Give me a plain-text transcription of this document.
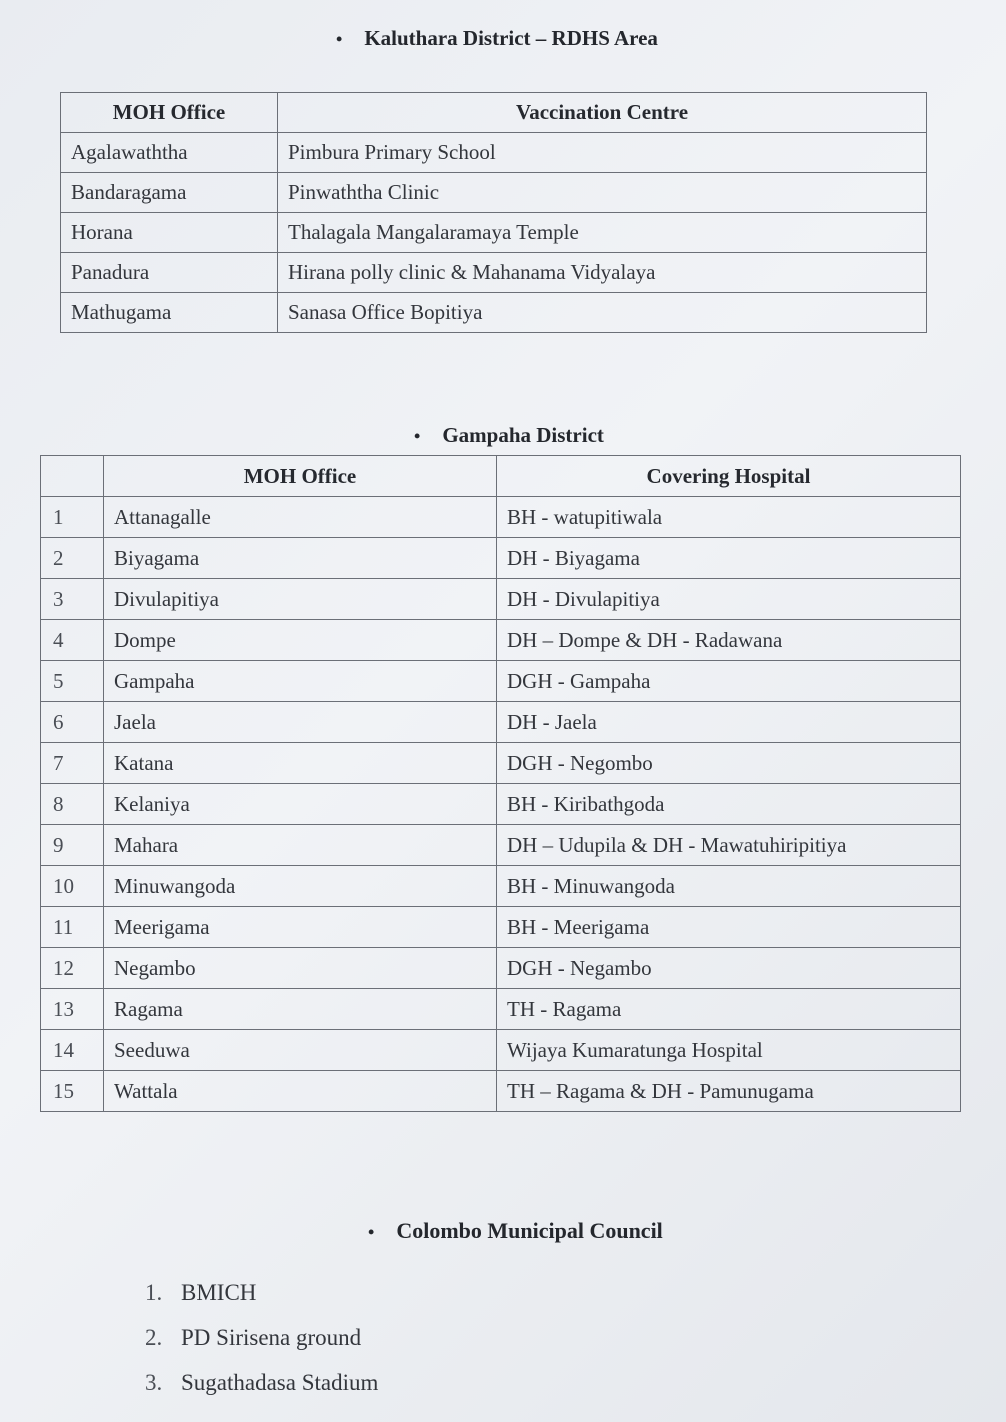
• Kaluthara District – RDHS Area
MOH Office	Vaccination Centre
Agalawaththa	Pimbura Primary School
Bandaragama	Pinwaththa Clinic
Horana	Thalagala Mangalaramaya Temple
Panadura	Hirana polly clinic & Mahanama Vidyalaya
Mathugama	Sanasa Office Bopitiya
• Gampaha District
	MOH Office	Covering Hospital
1	Attanagalle	BH - watupitiwala
2	Biyagama	DH - Biyagama
3	Divulapitiya	DH - Divulapitiya
4	Dompe	DH – Dompe & DH - Radawana
5	Gampaha	DGH - Gampaha
6	Jaela	DH - Jaela
7	Katana	DGH - Negombo
8	Kelaniya	BH - Kiribathgoda
9	Mahara	DH – Udupila & DH - Mawatuhiripitiya
10	Minuwangoda	BH - Minuwangoda
11	Meerigama	BH - Meerigama
12	Negambo	DGH - Negambo
13	Ragama	TH - Ragama
14	Seeduwa	Wijaya Kumaratunga Hospital
15	Wattala	TH – Ragama & DH - Pamunugama
• Colombo Municipal Council
1. BMICH
2. PD Sirisena ground
3. Sugathadasa Stadium
